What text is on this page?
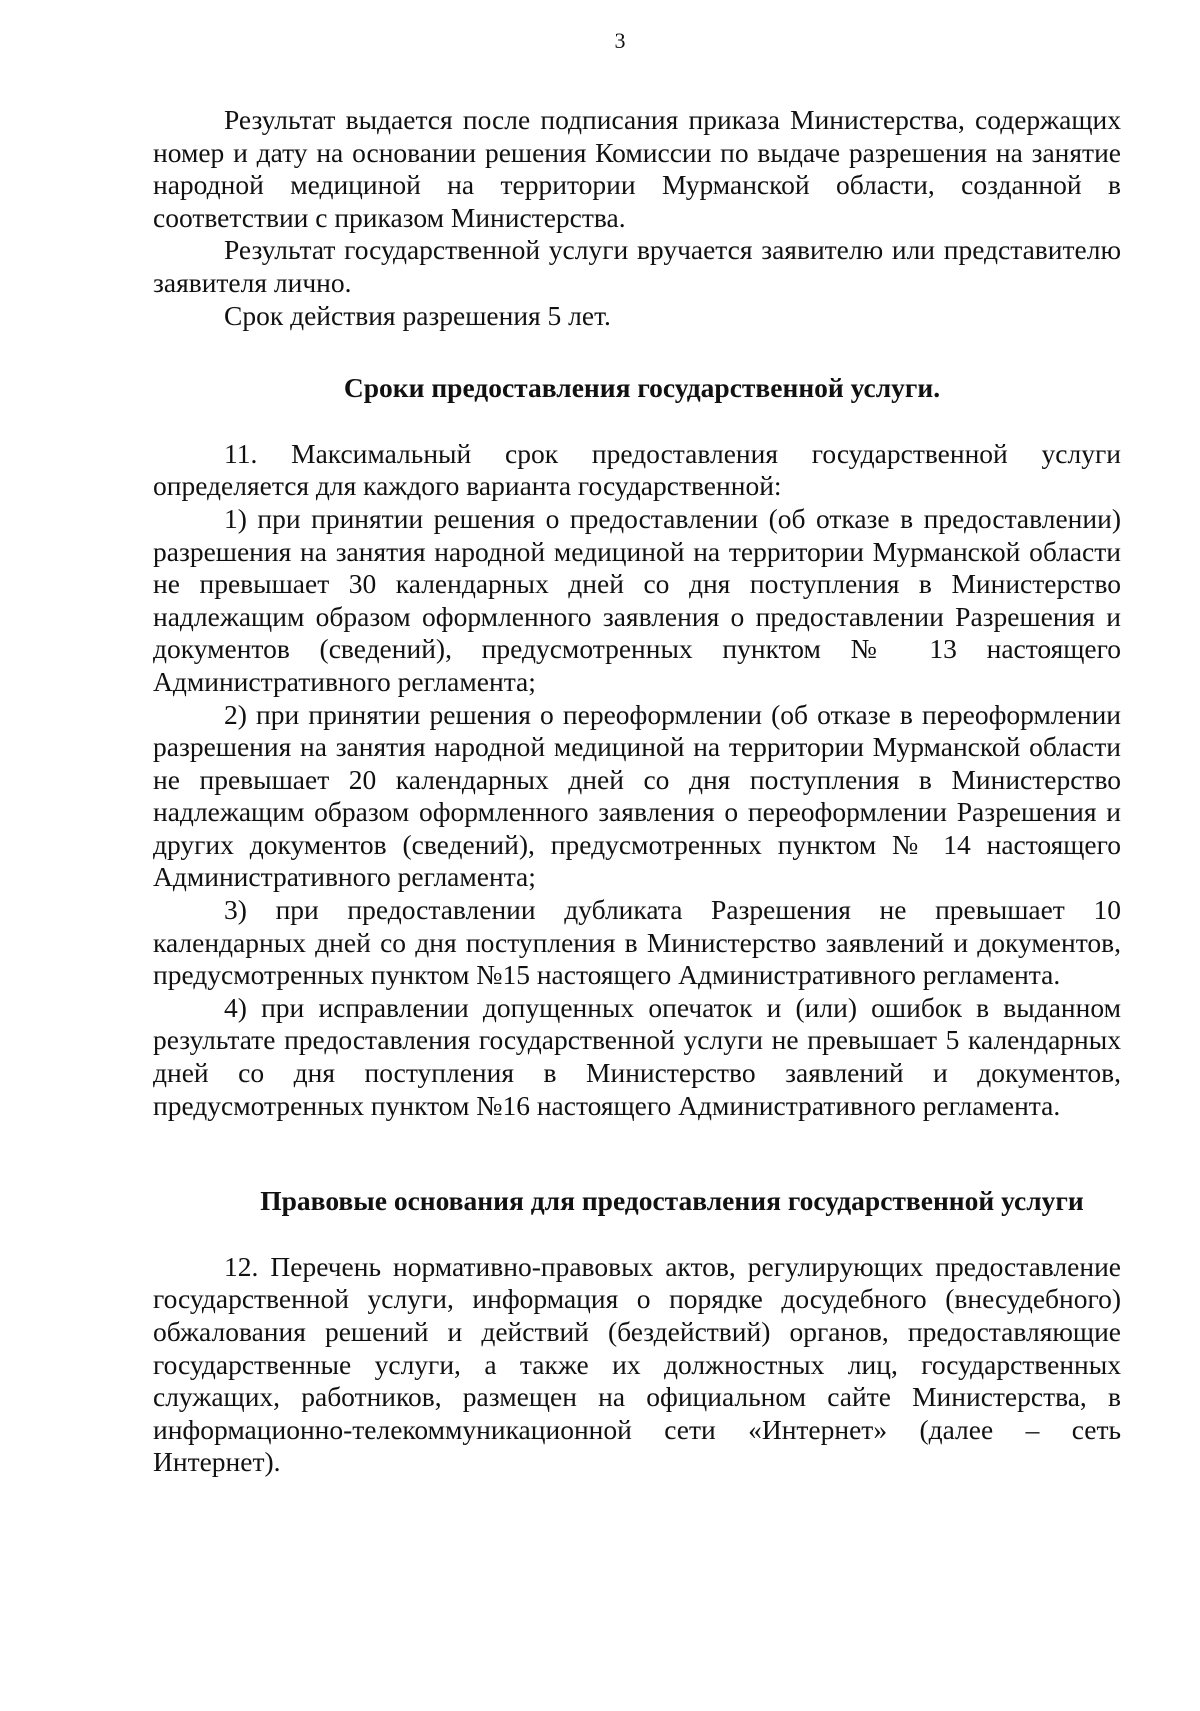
3

Результат выдается после подписания приказа Министерства, содержащих номер и дату на основании решения Комиссии по выдаче разрешения на занятие народной медициной на территории Мурманской области, созданной в соответствии с приказом Министерства.

Результат государственной услуги вручается заявителю или представителю заявителя лично.

Срок действия разрешения 5 лет.

Сроки предоставления государственной услуги.

11. Максимальный срок предоставления государственной услуги определяется для каждого варианта государственной:

1) при принятии решения о предоставлении (об отказе в предоставлении) разрешения на занятия народной медициной на территории Мурманской области не превышает 30 календарных дней со дня поступления в Министерство надлежащим образом оформленного заявления о предоставлении Разрешения и документов (сведений), предусмотренных пунктом № 13 настоящего Административного регламента;

2) при принятии решения о переоформлении (об отказе в переоформлении разрешения на занятия народной медициной на территории Мурманской области не превышает 20 календарных дней со дня поступления в Министерство надлежащим образом оформленного заявления о переоформлении Разрешения и других документов (сведений), предусмотренных пунктом № 14 настоящего Административного регламента;

3) при предоставлении дубликата Разрешения не превышает 10 календарных дней со дня поступления в Министерство заявлений и документов, предусмотренных пунктом №15 настоящего Административного регламента.

4) при исправлении допущенных опечаток и (или) ошибок в выданном результате предоставления государственной услуги не превышает 5 календарных дней со дня поступления в Министерство заявлений и документов, предусмотренных пунктом №16 настоящего Административного регламента.

Правовые основания для предоставления государственной услуги

12. Перечень нормативно-правовых актов, регулирующих предоставление государственной услуги, информация о порядке досудебного (внесудебного) обжалования решений и действий (бездействий) органов, предоставляющие государственные услуги, а также их должностных лиц, государственных служащих, работников, размещен на официальном сайте Министерства, в информационно-телекоммуникационной сети «Интернет» (далее – сеть Интернет).
